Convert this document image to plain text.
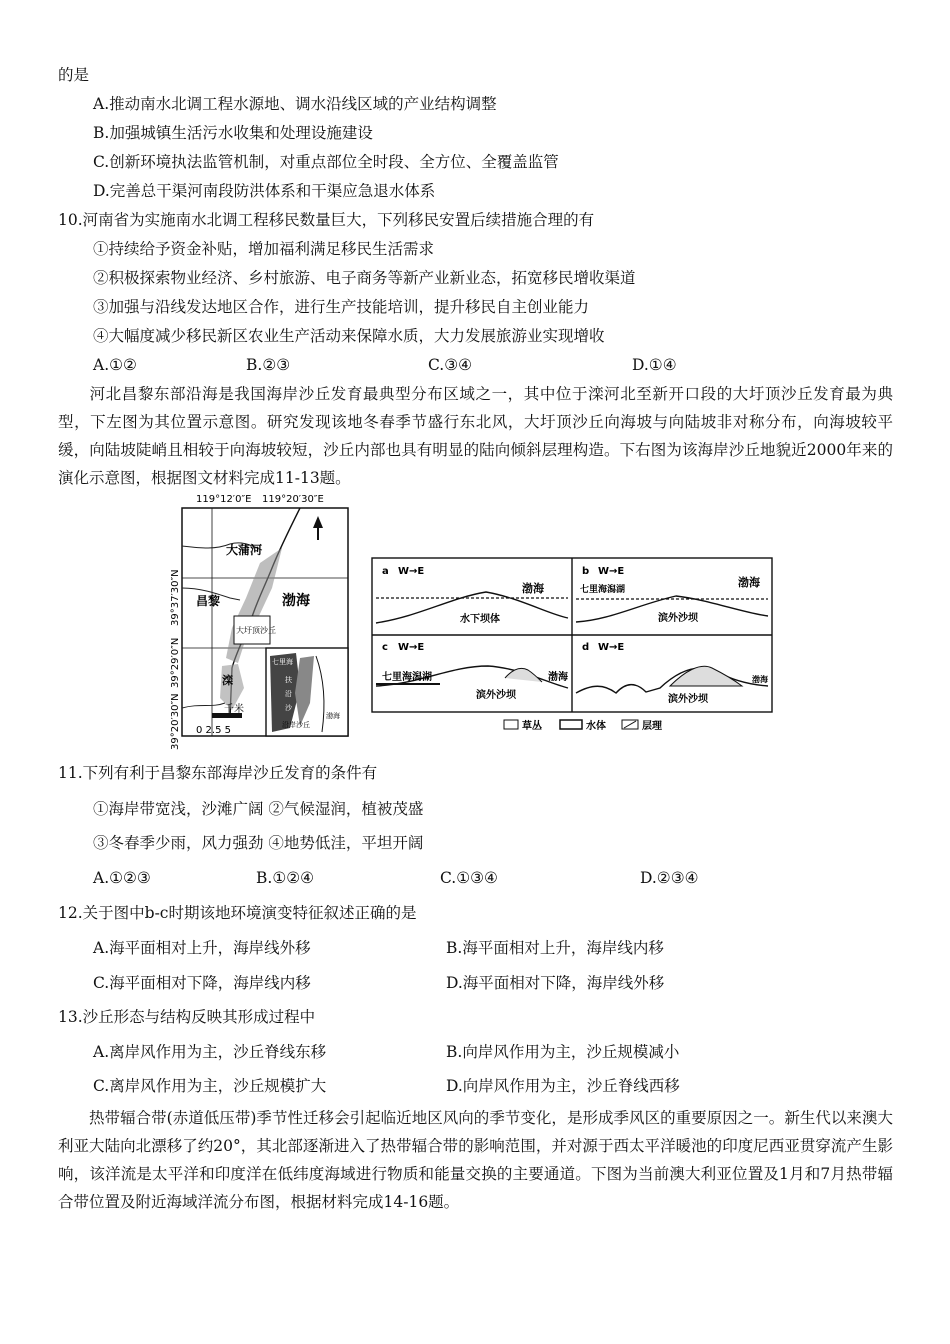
的是
A.推动南水北调工程水源地、调水沿线区域的产业结构调整
B.加强城镇生活污水收集和处理设施建设
C.创新环境执法监管机制，对重点部位全时段、全方位、全覆盖监管
D.完善总干渠河南段防洪体系和干渠应急退水体系
10.河南省为实施南水北调工程移民数量巨大，下列移民安置后续措施合理的有
①持续给予资金补贴，增加福利满足移民生活需求
②积极探索物业经济、乡村旅游、电子商务等新产业新业态，拓宽移民增收渠道
③加强与沿线发达地区合作，进行生产技能培训，提升移民自主创业能力
④大幅度减少移民新区农业生产活动来保障水质，大力发展旅游业实现增收
A.①②	B.②③	C.③④	D.①④
河北昌黎东部沿海是我国海岸沙丘发育最典型分布区域之一，其中位于滦河北至新开口段的大圩顶沙丘发育最为典型，下左图为其位置示意图。研究发现该地冬春季节盛行东北风，大圩顶沙丘向海坡与向陆坡非对称分布，向海坡较平缓，向陆坡陡峭且相较于向海坡较短，沙丘内部也具有明显的陆向倾斜层理构造。下右图为该海岸沙丘地貌近2000年来的演化示意图，根据图文材料完成11-13题。
119°12′0″E 119°20′30″E
39°37′30″N
39°29′0″N
39°20′30″N
大蒲河
昌黎	渤海
大圩顶沙丘
滦
0 2.5 5
千米
七里海
扶
沿
沙
沿岸沙丘
渤海
a W→E
渤海
水下坝体
b W→E
渤海
七里海潟湖
滨外沙坝
c W→E
七里海潟湖	渤海
滨外沙坝
d W→E
渤海
滨外沙坝
草丛	水体	层理
11.下列有利于昌黎东部海岸沙丘发育的条件有
①海岸带宽浅，沙滩广阔 ②气候湿润，植被茂盛
③冬春季少雨，风力强劲 ④地势低洼，平坦开阔
A.①②③	B.①②④	C.①③④	D.②③④
12.关于图中b-c时期该地环境演变特征叙述正确的是
A.海平面相对上升，海岸线外移	B.海平面相对上升，海岸线内移
C.海平面相对下降，海岸线内移	D.海平面相对下降，海岸线外移
13.沙丘形态与结构反映其形成过程中
A.离岸风作用为主，沙丘脊线东移	B.向岸风作用为主，沙丘规模减小
C.离岸风作用为主，沙丘规模扩大	D.向岸风作用为主，沙丘脊线西移
热带辐合带(赤道低压带)季节性迁移会引起临近地区风向的季节变化，是形成季风区的重要原因之一。新生代以来澳大利亚大陆向北漂移了约20°，其北部逐渐进入了热带辐合带的影响范围，并对源于西太平洋暖池的印度尼西亚贯穿流产生影响，该洋流是太平洋和印度洋在低纬度海域进行物质和能量交换的主要通道。下图为当前澳大利亚位置及1月和7月热带辐合带位置及附近海域洋流分布图，根据材料完成14-16题。
